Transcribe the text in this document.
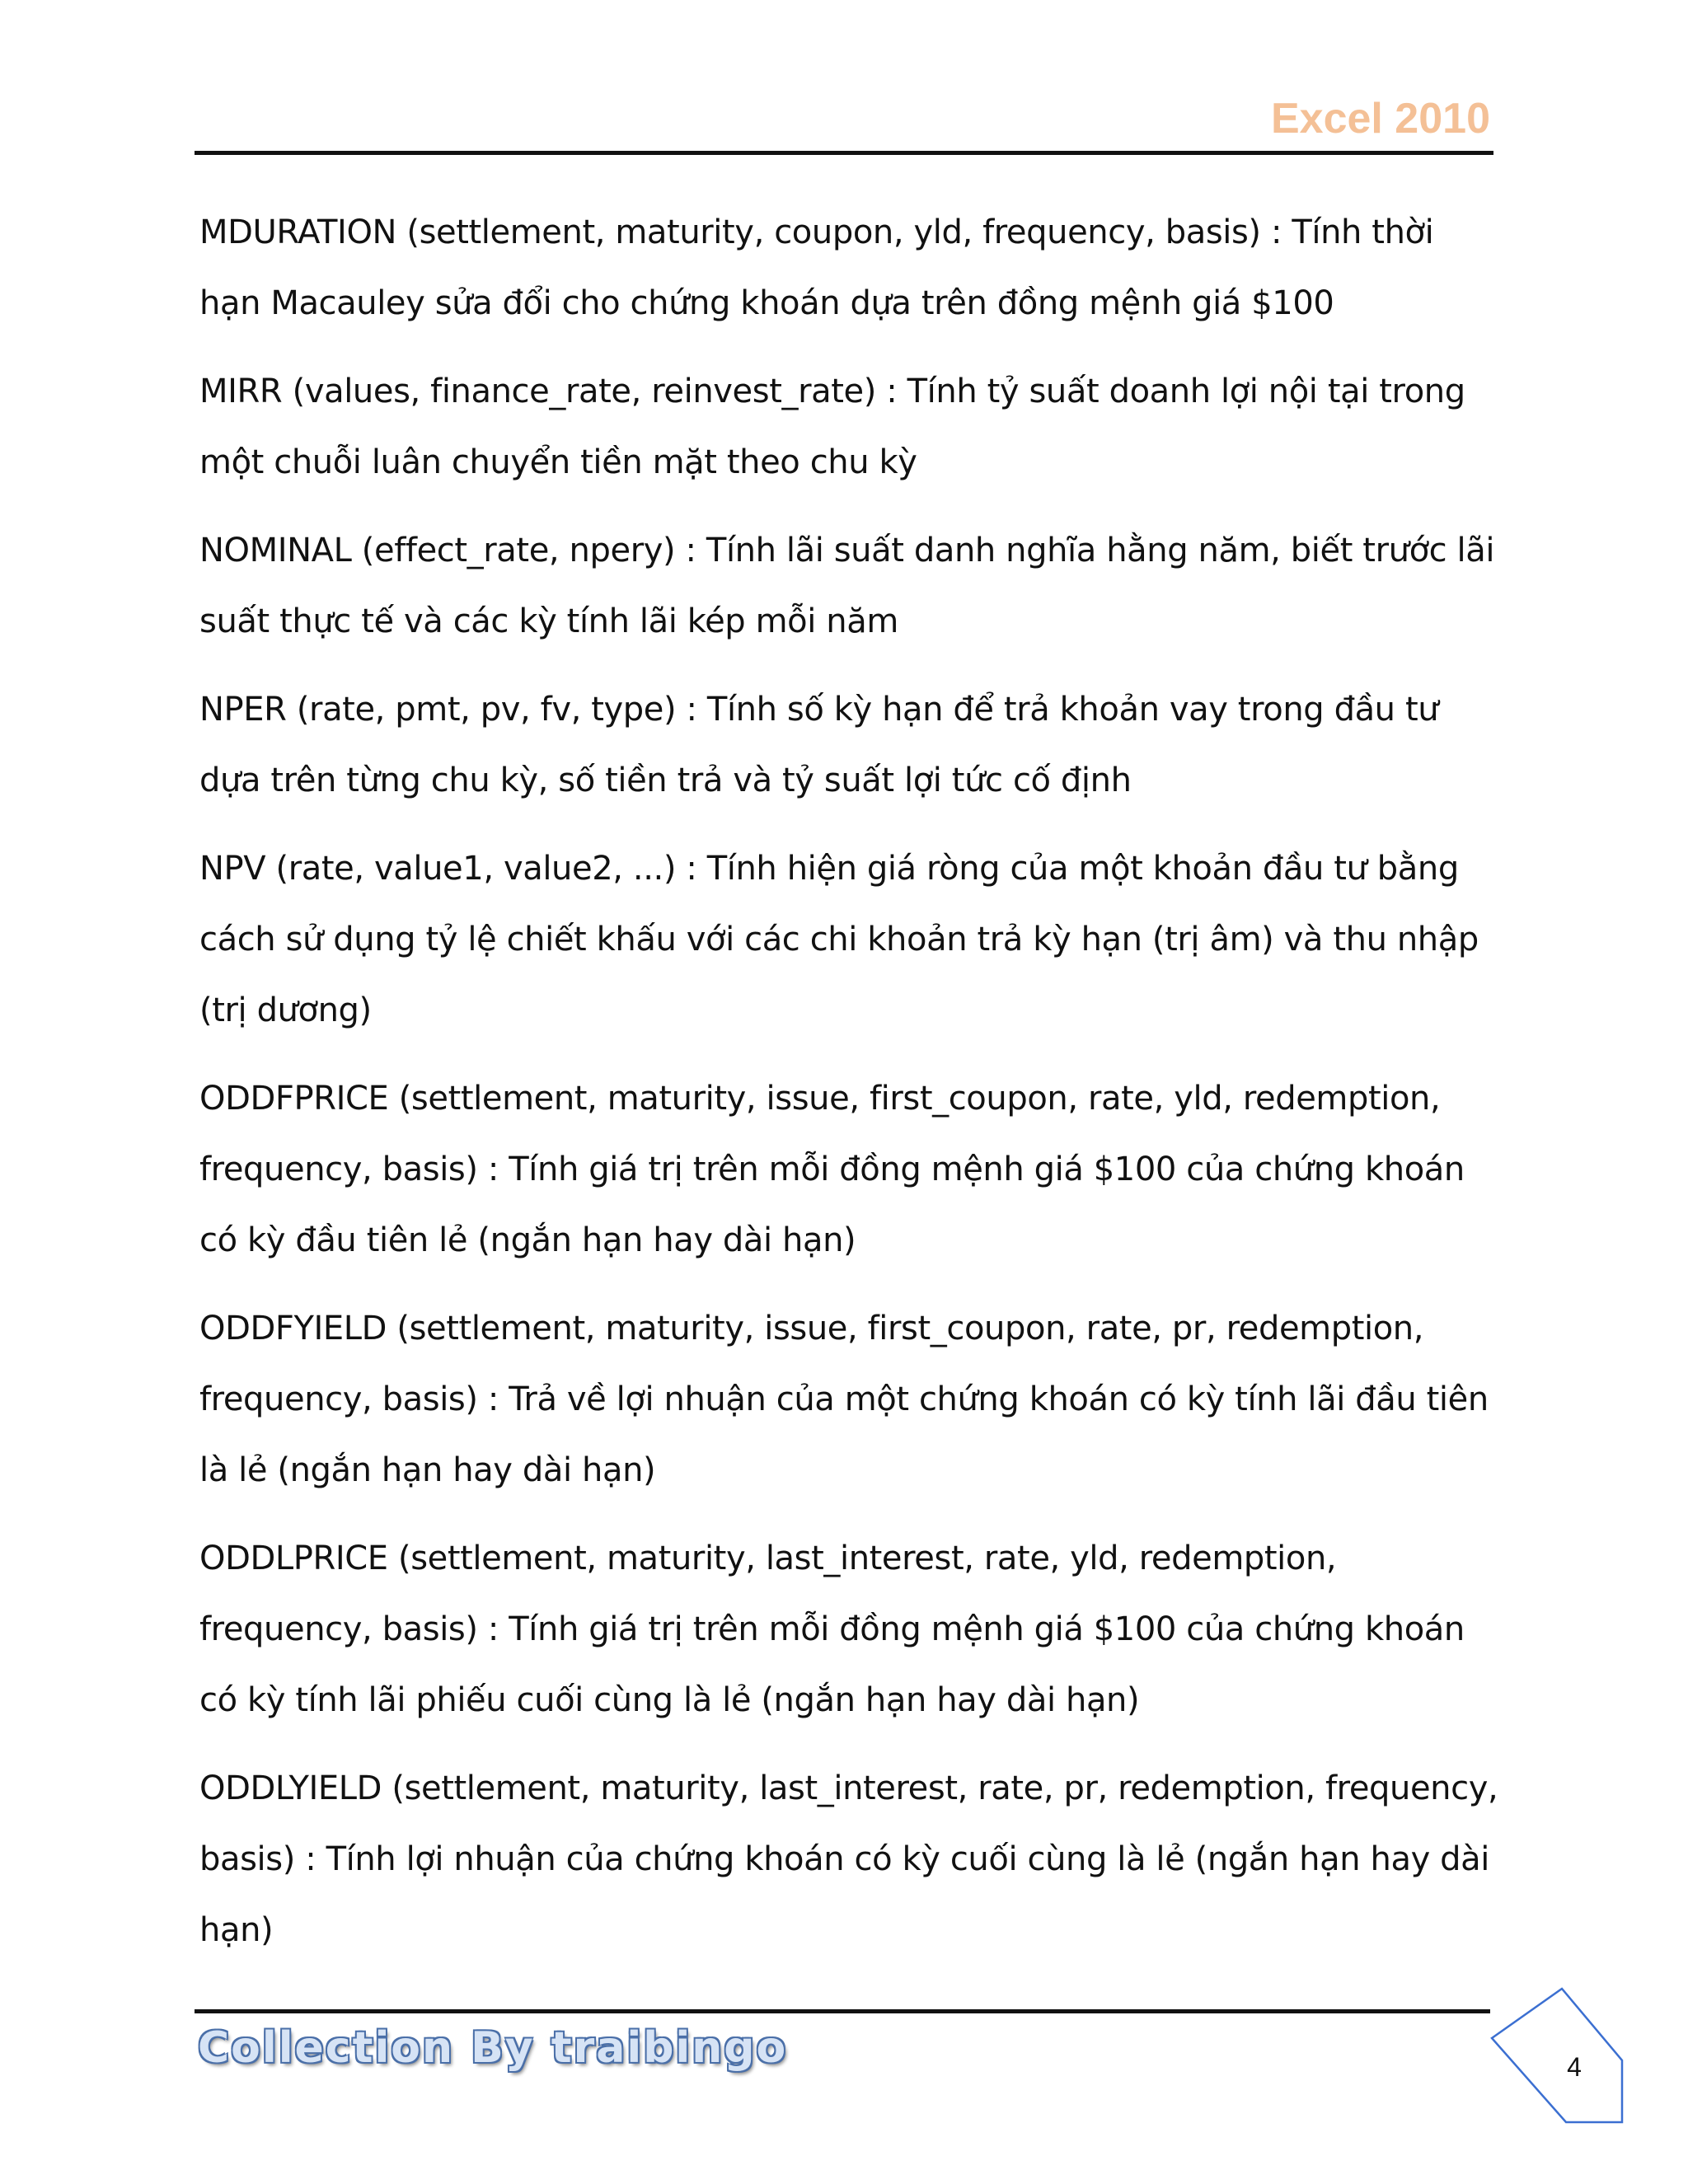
Excel 2010

MDURATION (settlement, maturity, coupon, yld, frequency, basis) : Tính thời hạn Macauley sửa đổi cho chứng khoán dựa trên đồng mệnh giá $100

MIRR (values, finance_rate, reinvest_rate) : Tính tỷ suất doanh lợi nội tại trong một chuỗi luân chuyển tiền mặt theo chu kỳ

NOMINAL (effect_rate, npery) : Tính lãi suất danh nghĩa hằng năm, biết trước lãi suất thực tế và các kỳ tính lãi kép mỗi năm

NPER (rate, pmt, pv, fv, type) : Tính số kỳ hạn để trả khoản vay trong đầu tư dựa trên từng chu kỳ, số tiền trả và tỷ suất lợi tức cố định

NPV (rate, value1, value2, ...) : Tính hiện giá ròng của một khoản đầu tư bằng cách sử dụng tỷ lệ chiết khấu với các chi khoản trả kỳ hạn (trị âm) và thu nhập (trị dương)

ODDFPRICE (settlement, maturity, issue, first_coupon, rate, yld, redemption, frequency, basis) : Tính giá trị trên mỗi đồng mệnh giá $100 của chứng khoán có kỳ đầu tiên lẻ (ngắn hạn hay dài hạn)

ODDFYIELD (settlement, maturity, issue, first_coupon, rate, pr, redemption, frequency, basis) : Trả về lợi nhuận của một chứng khoán có kỳ tính lãi đầu tiên là lẻ (ngắn hạn hay dài hạn)

ODDLPRICE (settlement, maturity, last_interest, rate, yld, redemption, frequency, basis) : Tính giá trị trên mỗi đồng mệnh giá $100 của chứng khoán có kỳ tính lãi phiếu cuối cùng là lẻ (ngắn hạn hay dài hạn)

ODDLYIELD (settlement, maturity, last_interest, rate, pr, redemption, frequency, basis) : Tính lợi nhuận của chứng khoán có kỳ cuối cùng là lẻ (ngắn hạn hay dài hạn)

Collection By traibingo	4
